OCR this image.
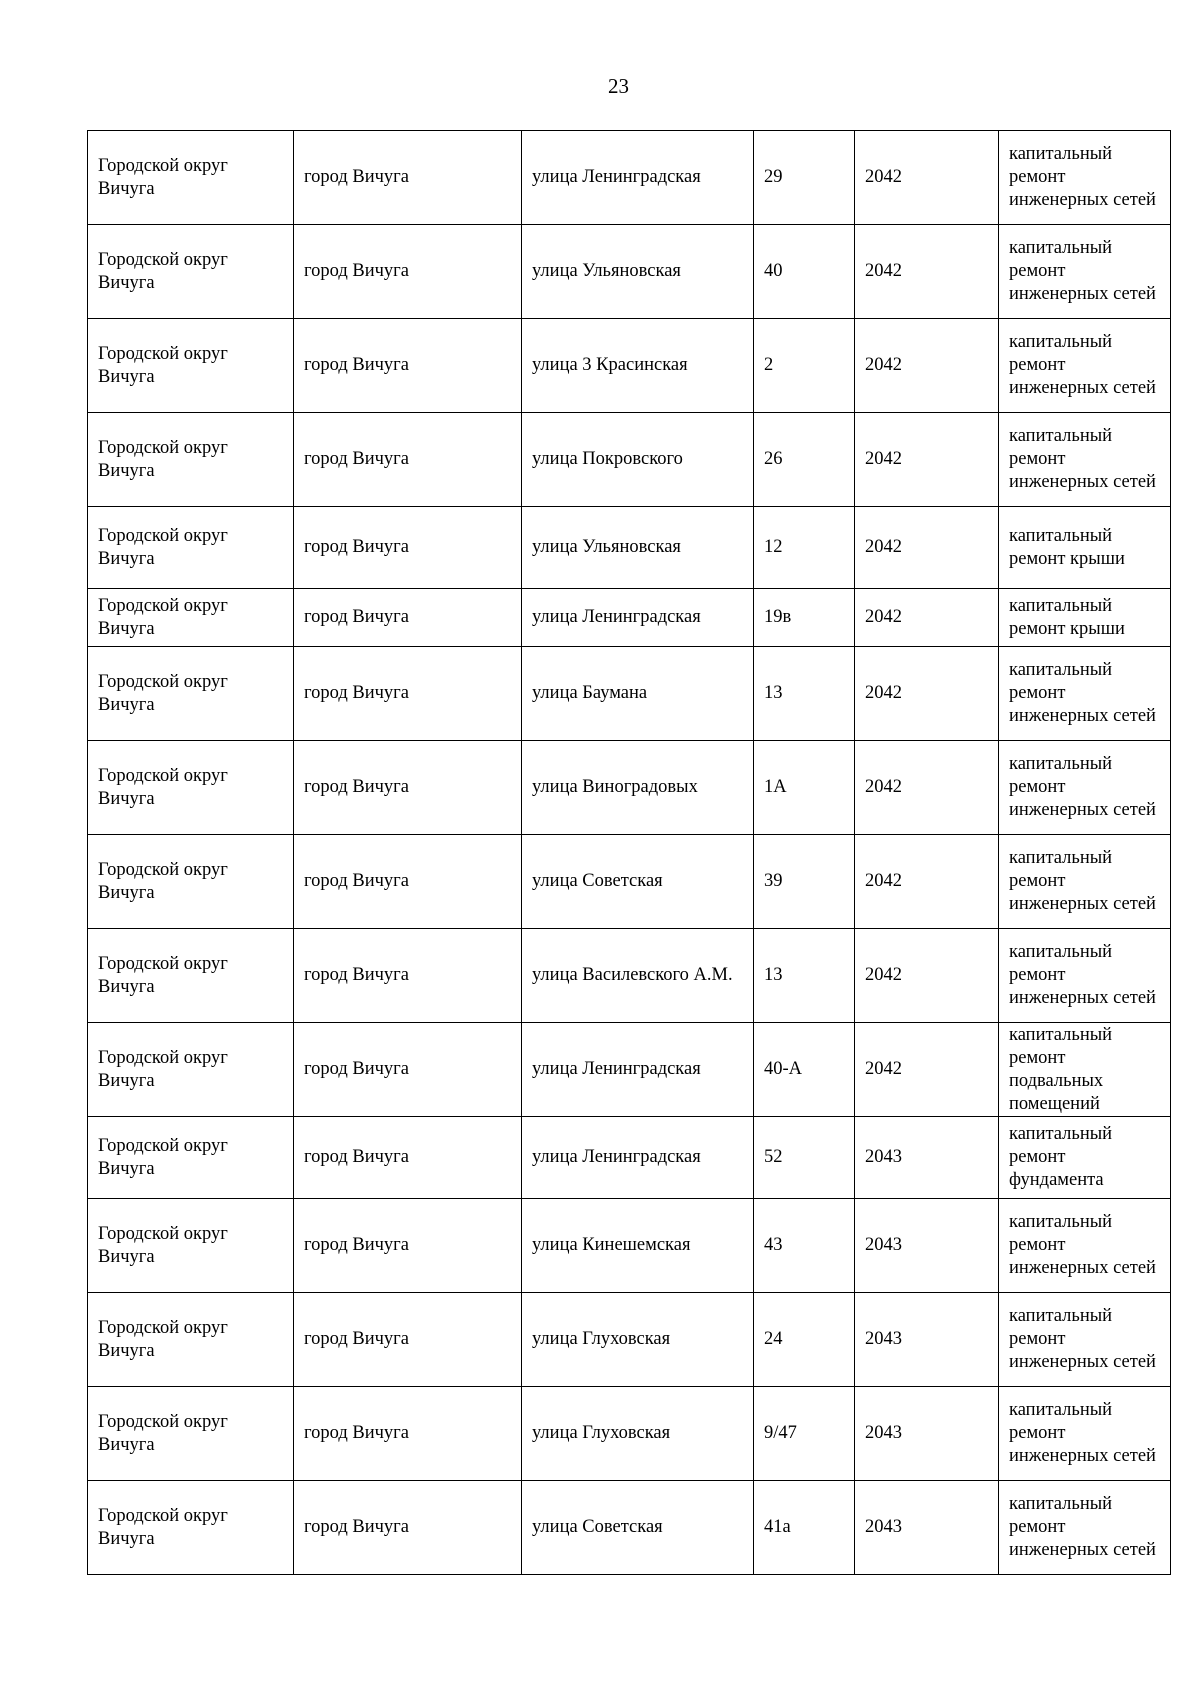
23
Городской округ Вичуга	город Вичуга	улица Ленинградская	29	2042	капитальный ремонт инженерных сетей
Городской округ Вичуга	город Вичуга	улица Ульяновская	40	2042	капитальный ремонт инженерных сетей
Городской округ Вичуга	город Вичуга	улица 3 Красинская	2	2042	капитальный ремонт инженерных сетей
Городской округ Вичуга	город Вичуга	улица Покровского	26	2042	капитальный ремонт инженерных сетей
Городской округ Вичуга	город Вичуга	улица Ульяновская	12	2042	капитальный ремонт крыши
Городской округ Вичуга	город Вичуга	улица Ленинградская	19в	2042	капитальный ремонт крыши
Городской округ Вичуга	город Вичуга	улица Баумана	13	2042	капитальный ремонт инженерных сетей
Городской округ Вичуга	город Вичуга	улица Виноградовых	1А	2042	капитальный ремонт инженерных сетей
Городской округ Вичуга	город Вичуга	улица Советская	39	2042	капитальный ремонт инженерных сетей
Городской округ Вичуга	город Вичуга	улица Василевского А.М.	13	2042	капитальный ремонт инженерных сетей
Городской округ Вичуга	город Вичуга	улица Ленинградская	40-А	2042	капитальный ремонт подвальных помещений
Городской округ Вичуга	город Вичуга	улица Ленинградская	52	2043	капитальный ремонт фундамента
Городской округ Вичуга	город Вичуга	улица Кинешемская	43	2043	капитальный ремонт инженерных сетей
Городской округ Вичуга	город Вичуга	улица Глуховская	24	2043	капитальный ремонт инженерных сетей
Городской округ Вичуга	город Вичуга	улица Глуховская	9/47	2043	капитальный ремонт инженерных сетей
Городской округ Вичуга	город Вичуга	улица Советская	41а	2043	капитальный ремонт инженерных сетей
